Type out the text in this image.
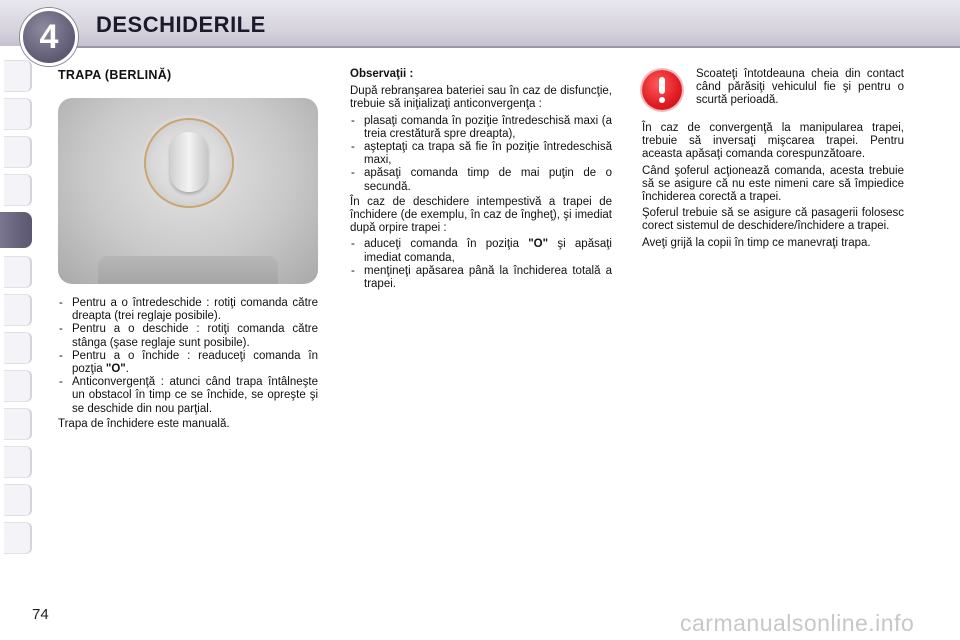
4	DESCHIDERILE
TRAPA (BERLINĂ)
- Pentru a o întredeschide : rotiţi comanda către dreapta (trei reglaje posibile).
- Pentru a o deschide : rotiţi comanda către stânga (şase reglaje sunt posibile).
- Pentru a o închide : readuceţi comanda în pozţia "O".
- Anticonvergenţă : atunci când trapa întâlneşte un obstacol în timp ce se închide, se opreşte şi se deschide din nou parţial.

Trapa de închidere este manuală.

Observaţii :

După rebranşarea bateriei sau în caz de disfuncţie, trebuie să iniţializaţi anticonvergenţa :

- plasaţi comanda în poziţie întredeschisă maxi (a treia crestătură spre dreapta),
- aşteptaţi ca trapa să fie în poziţie întredeschisă maxi,
- apăsaţi comanda timp de mai puţin de o secundă.

În caz de deschidere intempestivă a trapei de închidere (de exemplu, în caz de îngheţ), şi imediat după orpire trapei :

- aduceţi comanda în poziţia "O" şi apăsaţi imediat comanda,
- menţineţi apăsarea până la închiderea totală a trapei.
Scoateţi întotdeauna cheia din contact când părăsiţi vehiculul fie şi pentru o scurtă perioadă.

În caz de convergenţă la manipularea trapei, trebuie să inversaţi mişcarea trapei. Pentru aceasta apăsaţi comanda corespunzătoare.

Când şoferul acţionează comanda, acesta trebuie să se asigure că nu este nimeni care să împiedice închiderea corectă a trapei.

Şoferul trebuie să se asigure că pasagerii folosesc corect sistemul de deschidere/închidere a trapei.

Aveţi grijă la copii în timp ce manevraţi trapa.

74	carmanualsonline.info
